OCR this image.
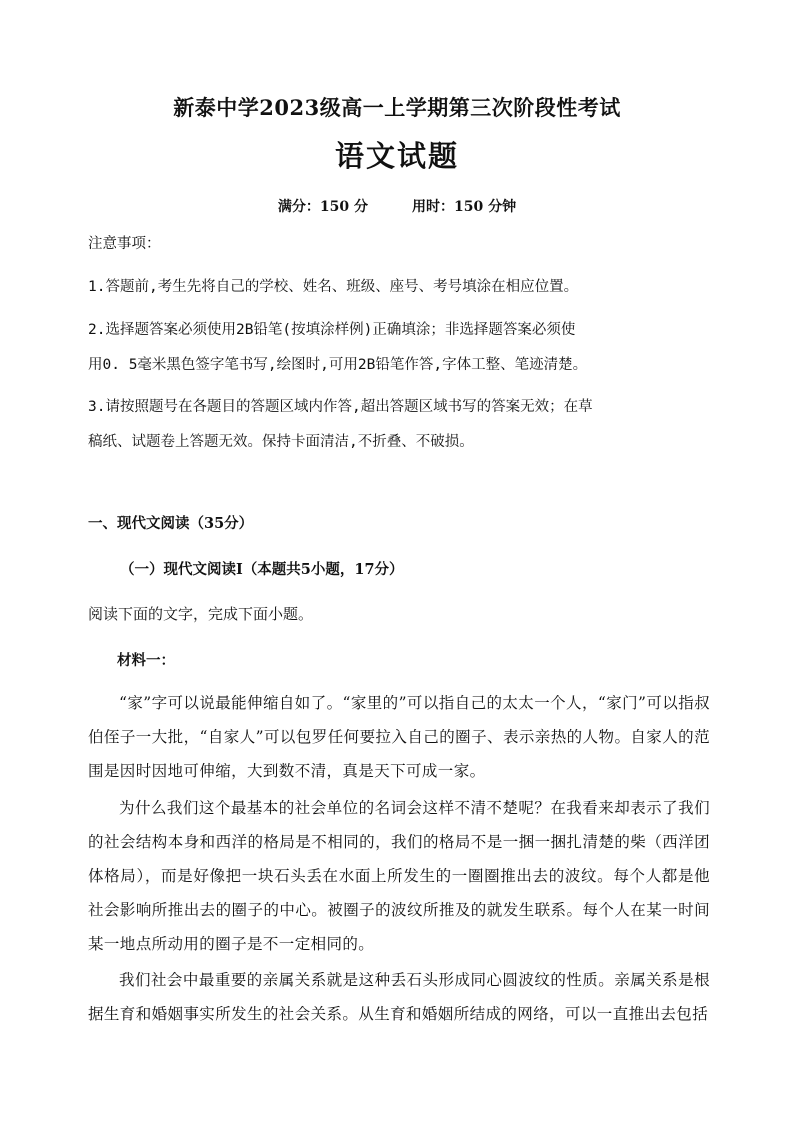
新泰中学2023级高一上学期第三次阶段性考试
语文试题
满分：150 分	用时：150 分钟
注意事项：
1.答题前,考生先将自己的学校、姓名、班级、座号、考号填涂在相应位置。
2.选择题答案必须使用2B铅笔(按填涂样例)正确填涂；非选择题答案必须使
用0. 5毫米黑色签字笔书写,绘图时,可用2B铅笔作答,字体工整、笔迹清楚。
3.请按照题号在各题目的答题区域内作答,超出答题区域书写的答案无效；在草
稿纸、试题卷上答题无效。保持卡面清洁,不折叠、不破损。
一、现代文阅读（35分）
（一）现代文阅读Ⅰ（本题共5小题，17分）
阅读下面的文字，完成下面小题。
材料一：
“家”字可以说最能伸缩自如了。“家里的”可以指自己的太太一个人，“家门”可以指叔伯侄子一大批，“自家人”可以包罗任何要拉入自己的圈子、表示亲热的人物。自家人的范围是因时因地可伸缩，大到数不清，真是天下可成一家。
为什么我们这个最基本的社会单位的名词会这样不清不楚呢？在我看来却表示了我们的社会结构本身和西洋的格局是不相同的，我们的格局不是一捆一捆扎清楚的柴（西洋团体格局），而是好像把一块石头丢在水面上所发生的一圈圈推出去的波纹。每个人都是他社会影响所推出去的圈子的中心。被圈子的波纹所推及的就发生联系。每个人在某一时间某一地点所动用的圈子是不一定相同的。
我们社会中最重要的亲属关系就是这种丢石头形成同心圆波纹的性质。亲属关系是根据生育和婚姻事实所发生的社会关系。从生育和婚姻所结成的网络，可以一直推出去包括
